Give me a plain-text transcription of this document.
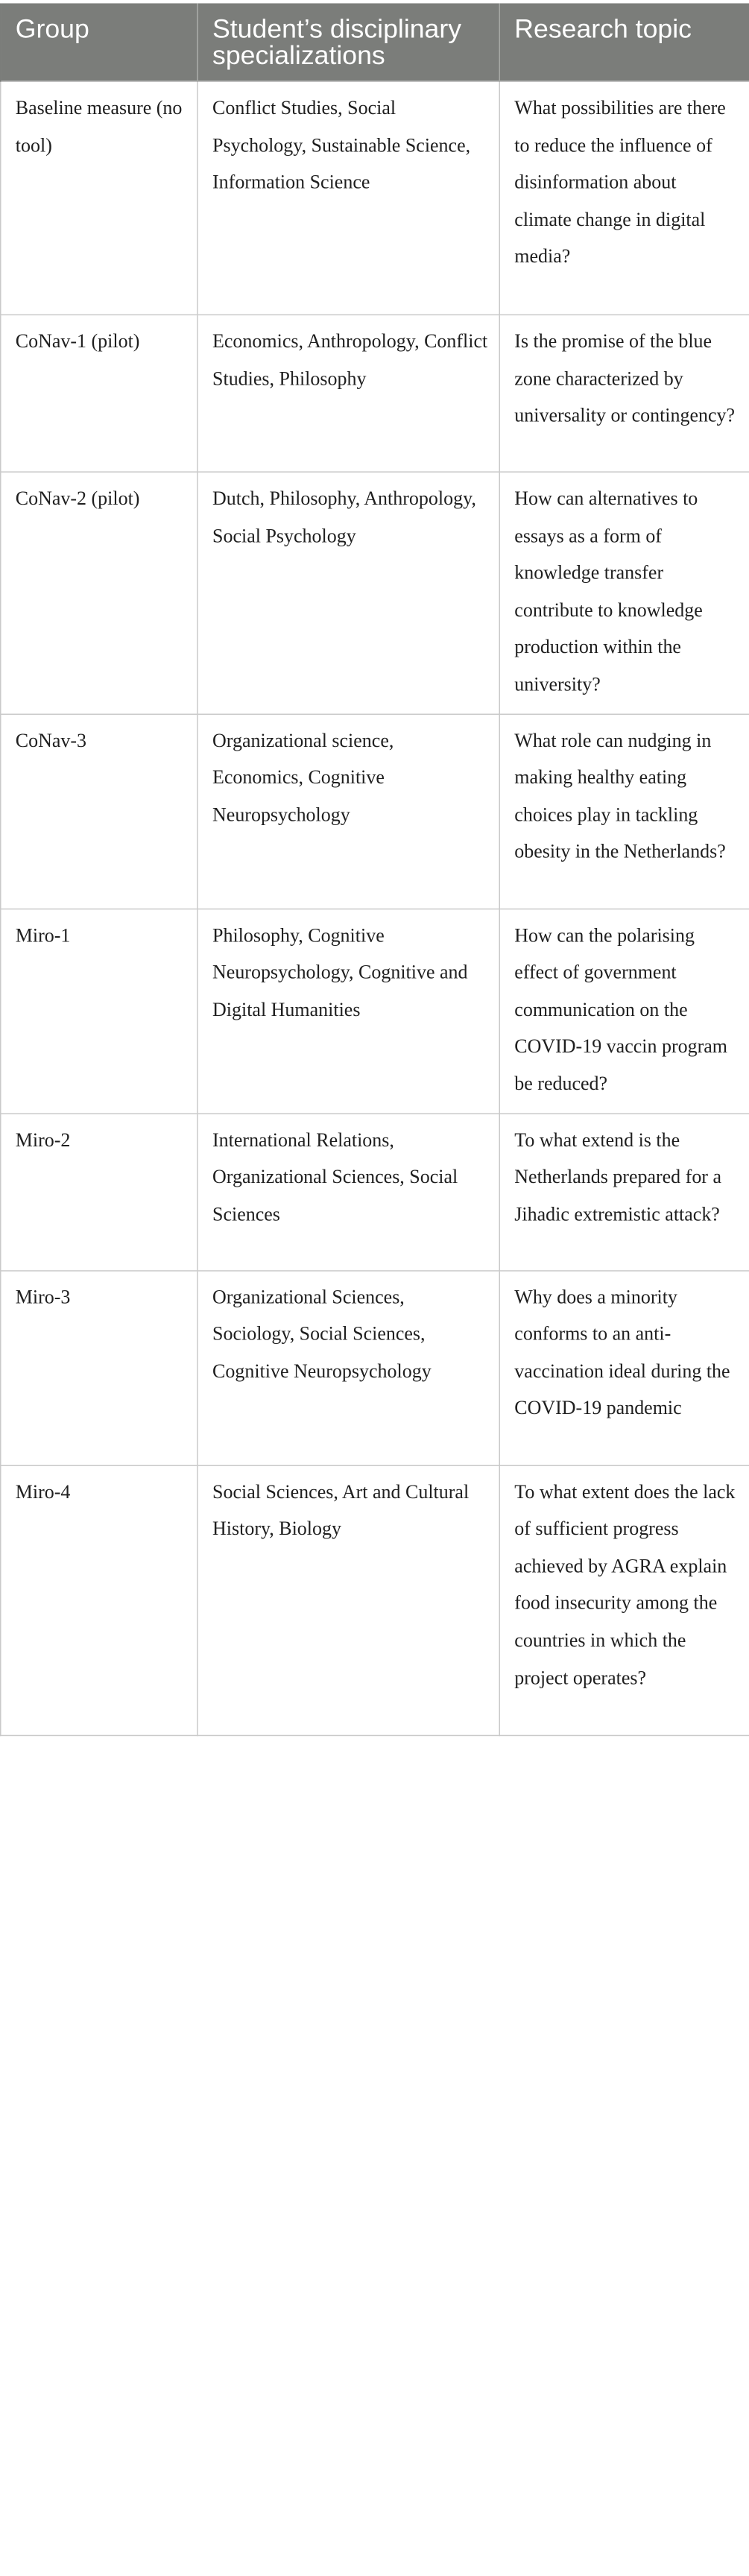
Group	Student’s disciplinary specializations	Research topic
Baseline measure (no tool)	Conflict Studies, Social Psychology, Sustainable Science, Information Science	What possibilities are there to reduce the influence of disinformation about climate change in digital media?
CoNav-1 (pilot)	Economics, Anthropology, Conflict Studies, Philosophy	Is the promise of the blue zone characterized by universality or contingency?
CoNav-2 (pilot)	Dutch, Philosophy, Anthropology, Social Psychology	How can alternatives to essays as a form of knowledge transfer contribute to knowledge production within the university?
CoNav-3	Organizational science, Economics, Cognitive Neuropsychology	What role can nudging in making healthy eating choices play in tackling obesity in the Netherlands?
Miro-1	Philosophy, Cognitive Neuropsychology, Cognitive and Digital Humanities	How can the polarising effect of government communication on the COVID-19 vaccin program be reduced?
Miro-2	International Relations, Organizational Sciences, Social Sciences	To what extend is the Netherlands prepared for a Jihadic extremistic attack?
Miro-3	Organizational Sciences, Sociology, Social Sciences, Cognitive Neuropsychology	Why does a minority conforms to an anti-vaccination ideal during the COVID-19 pandemic
Miro-4	Social Sciences, Art and Cultural History, Biology	To what extent does the lack of sufficient progress achieved by AGRA explain food insecurity among the countries in which the project operates?
